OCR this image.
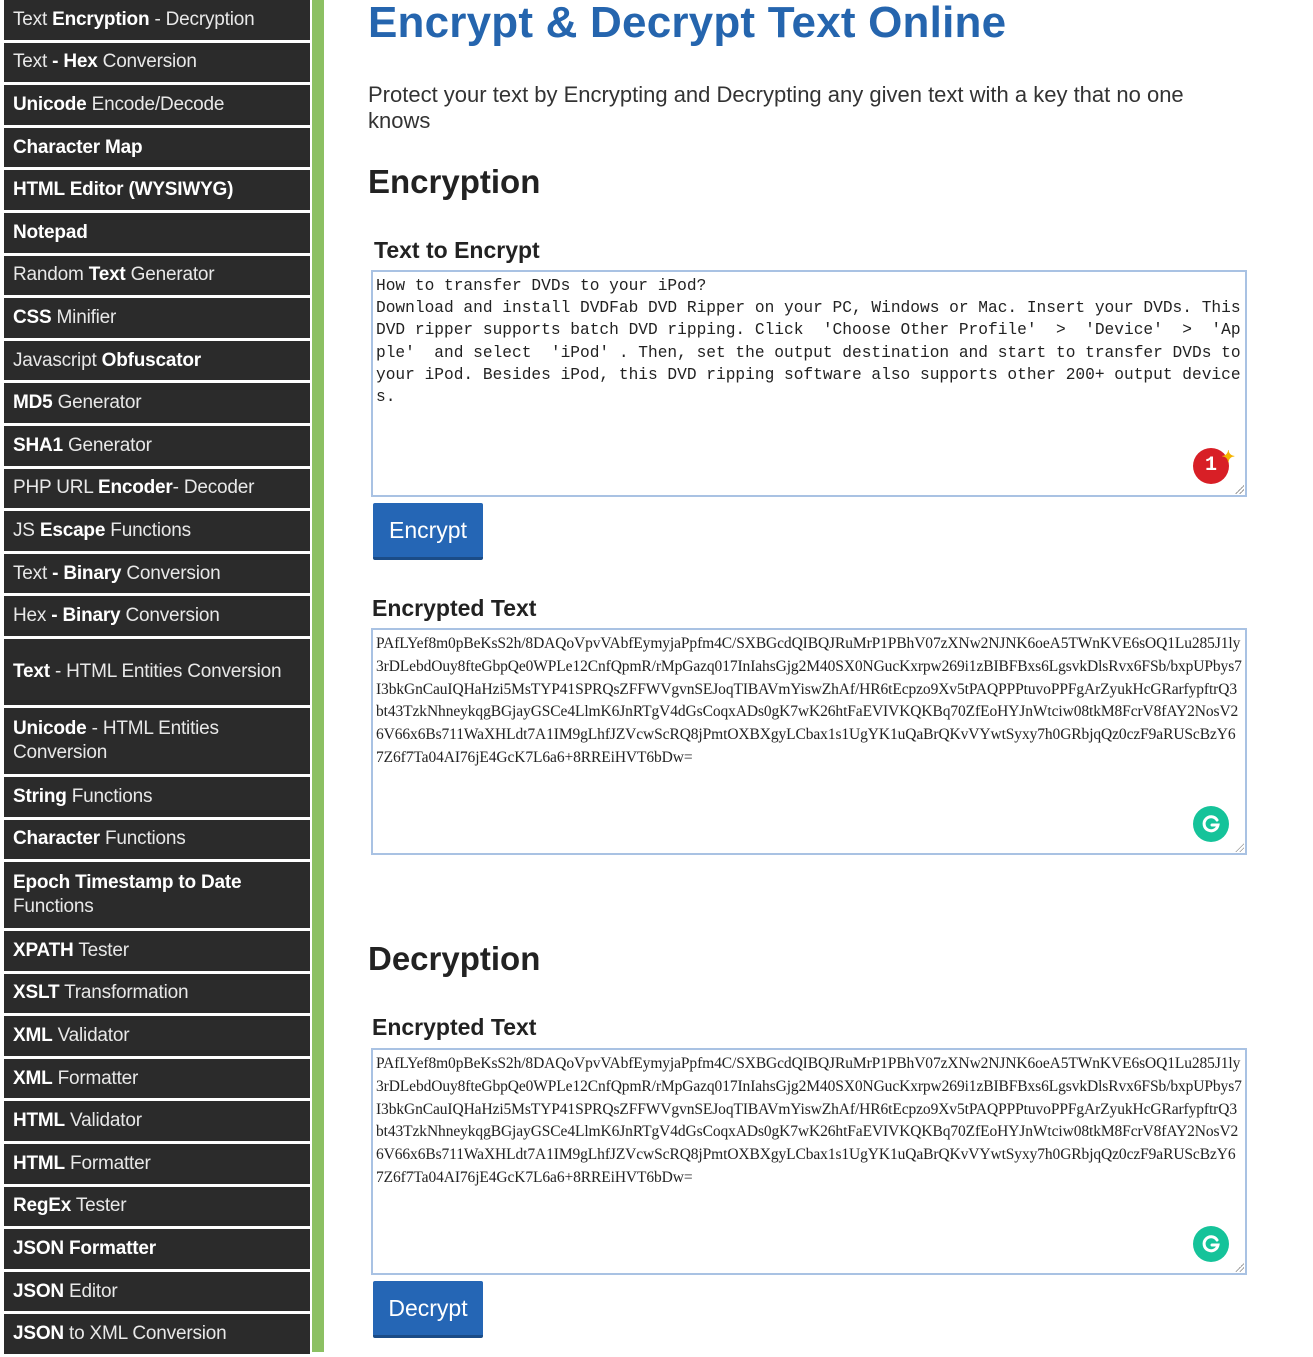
Text Encryption - Decryption
Text - Hex Conversion
Unicode Encode/Decode
Character Map
HTML Editor (WYSIWYG)
Notepad
Random Text Generator
CSS Minifier
Javascript Obfuscator
MD5 Generator
SHA1 Generator
PHP URL Encoder- Decoder
JS Escape Functions
Text - Binary Conversion
Hex - Binary Conversion
Text - HTML Entities Conversion
Unicode - HTML Entities Conversion
String Functions
Character Functions
Epoch Timestamp to Date Functions
XPATH Tester
XSLT Transformation
XML Validator
XML Formatter
HTML Validator
HTML Formatter
RegEx Tester
JSON Formatter
JSON Editor
JSON to XML Conversion
Encrypt & Decrypt Text Online
Protect your text by Encrypting and Decrypting any given text with a key that no one knows
Encryption
Text to Encrypt
How to transfer DVDs to your iPod?
Download and install DVDFab DVD Ripper on your PC, Windows or Mac. Insert your DVDs. This DVD ripper supports batch DVD ripping. Click  'Choose Other Profile'  >  'Device'  >  'Apple'  and select  'iPod' . Then, set the output destination and start to transfer DVDs to your iPod. Besides iPod, this DVD ripping software also supports other 200+ output devices.
1 ✦
Encrypt
Encrypted Text
PAfLYef8m0pBeKsS2h/8DAQoVpvVAbfEymyjaPpfm4C/SXBGcdQIBQJRuMrP1PBhV07zXNw2NJNK6oeA5TWnKVE6sOQ1Lu285J1ly3rDLebdOuy8fteGbpQe0WPLe12CnfQpmR/rMpGazq017InIahsGjg2M40SX0NGucKxrpw269i1zBIBFBxs6LgsvkDlsRvx6FSb/bxpUPbys7I3bkGnCauIQHaHzi5MsTYP41SPRQsZFFWVgvnSEJoqTIBAVmYiswZhAf/HR6tEcpzo9Xv5tPAQPPPtuvoPPFgArZyukHcGRarfypftrQ3bt43TzkNhneykqgBGjayGSCe4LlmK6JnRTgV4dGsCoqxADs0gK7wK26htFaEVIVKQKBq70ZfEoHYJnWtciw08tkM8FcrV8fAY2NosV26V66x6Bs711WaXHLdt7A1IM9gLhfJZVcwScRQ8jPmtOXBXgyLCbax1s1UgYK1uQaBrQKvVYwtSyxy7h0GRbjqQz0czF9aRUScBzY67Z6f7Ta04AI76jE4GcK7L6a6+8RREiHVT6bDw=
Decryption
Encrypted Text
PAfLYef8m0pBeKsS2h/8DAQoVpvVAbfEymyjaPpfm4C/SXBGcdQIBQJRuMrP1PBhV07zXNw2NJNK6oeA5TWnKVE6sOQ1Lu285J1ly3rDLebdOuy8fteGbpQe0WPLe12CnfQpmR/rMpGazq017InIahsGjg2M40SX0NGucKxrpw269i1zBIBFBxs6LgsvkDlsRvx6FSb/bxpUPbys7I3bkGnCauIQHaHzi5MsTYP41SPRQsZFFWVgvnSEJoqTIBAVmYiswZhAf/HR6tEcpzo9Xv5tPAQPPPtuvoPPFgArZyukHcGRarfypftrQ3bt43TzkNhneykqgBGjayGSCe4LlmK6JnRTgV4dGsCoqxADs0gK7wK26htFaEVIVKQKBq70ZfEoHYJnWtciw08tkM8FcrV8fAY2NosV26V66x6Bs711WaXHLdt7A1IM9gLhfJZVcwScRQ8jPmtOXBXgyLCbax1s1UgYK1uQaBrQKvVYwtSyxy7h0GRbjqQz0czF9aRUScBzY67Z6f7Ta04AI76jE4GcK7L6a6+8RREiHVT6bDw=
Decrypt
